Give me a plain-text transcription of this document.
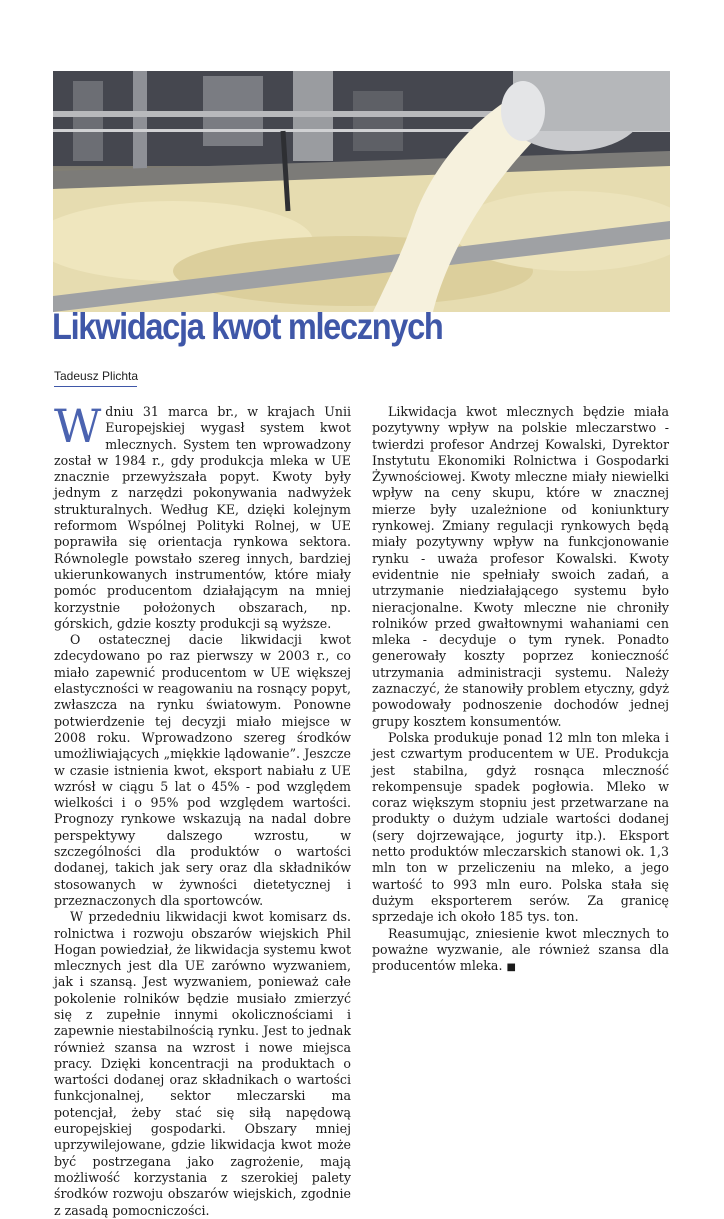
Likwidacja kwot mlecznych
Tadeusz Plichta

Wdniu 31 marca br., w krajach Unii Europejskiej wygasł system kwot mlecznych. System ten wprowadzony został w 1984 r., gdy produkcja mleka w UE znacznie przewyższała popyt. Kwoty były jednym z narzędzi pokonywania nadwyżek strukturalnych. Według KE, dzięki kolejnym reformom Wspólnej Polityki Rolnej, w UE poprawiła się orientacja rynkowa sektora. Równolegle powstało szereg innych, bardziej ukierunkowanych instrumentów, które miały pomóc producentom działającym na mniej korzystnie położonych obszarach, np. górskich, gdzie koszty produkcji są wyższe.

O ostatecznej dacie likwidacji kwot zdecydowano po raz pierwszy w 2003 r., co miało zapewnić producentom w UE większej elastyczności w reagowaniu na rosnący popyt, zwłaszcza na rynku światowym. Ponowne potwierdzenie tej decyzji miało miejsce w 2008 roku. Wprowadzono szereg środków umożliwiających „miękkie lądowanie”. Jeszcze w czasie istnienia kwot, eksport nabiału z UE wzrósł w ciągu 5 lat o 45% - pod względem wielkości i o 95% pod względem wartości. Prognozy rynkowe wskazują na nadal dobre perspektywy dalszego wzrostu, w szczególności dla produktów o wartości dodanej, takich jak sery oraz dla składników stosowanych w żywności dietetycznej i przeznaczonych dla sportowców.

W przededniu likwidacji kwot komisarz ds. rolnictwa i rozwoju obszarów wiejskich Phil Hogan powiedział, że likwidacja systemu kwot mlecznych jest dla UE zarówno wyzwaniem, jak i szansą. Jest wyzwaniem, ponieważ całe pokolenie rolników będzie musiało zmierzyć się z zupełnie innymi okolicznościami i zapewnie niestabilnością rynku. Jest to jednak również szansa na wzrost i nowe miejsca pracy. Dzięki koncentracji na produktach o wartości dodanej oraz składnikach o wartości funkcjonalnej, sektor mleczarski ma potencjał, żeby stać się siłą napędową europejskiej gospodarki. Obszary mniej uprzywilejowane, gdzie likwidacja kwot może być postrzegana jako zagrożenie, mają możliwość korzystania z szerokiej palety środków rozwoju obszarów wiejskich, zgodnie z zasadą pomocniczości.

Likwidacja kwot mlecznych będzie miała pozytywny wpływ na polskie mleczarstwo - twierdzi profesor Andrzej Kowalski, Dyrektor Instytutu Ekonomiki Rolnictwa i Gospodarki Żywnościowej. Kwoty mleczne miały niewielki wpływ na ceny skupu, które w znacznej mierze były uzależnione od koniunktury rynkowej. Zmiany regulacji rynkowych będą miały pozytywny wpływ na funkcjonowanie rynku - uważa profesor Kowalski. Kwoty evidentnie nie spełniały swoich zadań, a utrzymanie niedziałającego systemu było nieracjonalne. Kwoty mleczne nie chroniły rolników przed gwałtownymi wahaniami cen mleka - decyduje o tym rynek. Ponadto generowały koszty poprzez konieczność utrzymania administracji systemu. Należy zaznaczyć, że stanowiły problem etyczny, gdyż powodowały podnoszenie dochodów jednej grupy kosztem konsumentów.

Polska produkuje ponad 12 mln ton mleka i jest czwartym producentem w UE. Produkcja jest stabilna, gdyż rosnąca mleczność rekompensuje spadek pogłowia. Mleko w coraz większym stopniu jest przetwarzane na produkty o dużym udziale wartości dodanej (sery dojrzewające, jogurty itp.). Eksport netto produktów mleczarskich stanowi ok. 1,3 mln ton w przeliczeniu na mleko, a jego wartość to 993 mln euro. Polska stała się dużym eksporterem serów. Za granicę sprzedaje ich około 185 tys. ton.

Reasumując, zniesienie kwot mlecznych to poważne wyzwanie, ale również szansa dla producentów mleka. ■
